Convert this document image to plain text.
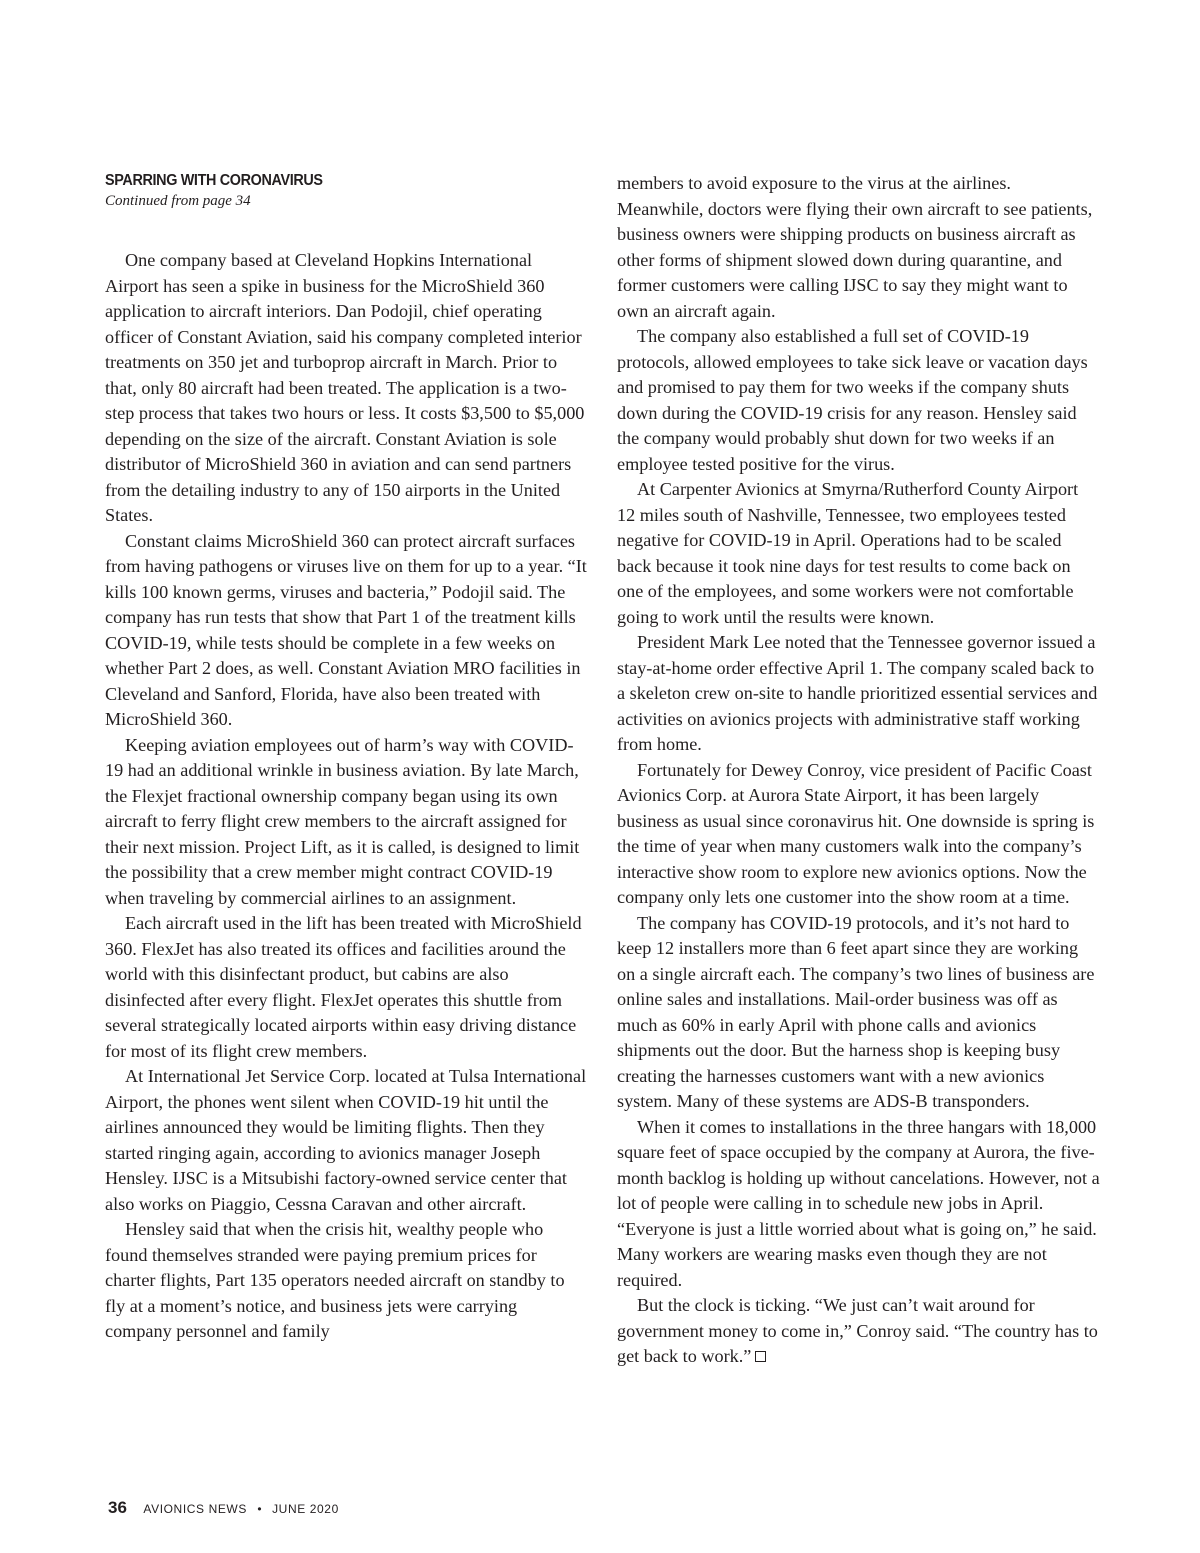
SPARRING WITH CORONAVIRUS
Continued from page 34

One company based at Cleveland Hopkins International Airport has seen a spike in business for the MicroShield 360 application to aircraft interiors. Dan Podojil, chief operating officer of Constant Aviation, said his company completed interior treatments on 350 jet and turboprop aircraft in March. Prior to that, only 80 aircraft had been treated. The application is a two-step process that takes two hours or less. It costs $3,500 to $5,000 depending on the size of the aircraft. Constant Aviation is sole distributor of MicroShield 360 in aviation and can send partners from the detailing industry to any of 150 airports in the United States.

Constant claims MicroShield 360 can protect aircraft surfaces from having pathogens or viruses live on them for up to a year. “It kills 100 known germs, viruses and bacteria,” Podojil said. The company has run tests that show that Part 1 of the treatment kills COVID-19, while tests should be complete in a few weeks on whether Part 2 does, as well. Constant Aviation MRO facilities in Cleveland and Sanford, Florida, have also been treated with MicroShield 360.

Keeping aviation employees out of harm’s way with COVID-19 had an additional wrinkle in business aviation. By late March, the Flexjet fractional ownership company began using its own aircraft to ferry flight crew members to the aircraft assigned for their next mission. Project Lift, as it is called, is designed to limit the possibility that a crew member might contract COVID-19 when traveling by commercial airlines to an assignment.

Each aircraft used in the lift has been treated with MicroShield 360. FlexJet has also treated its offices and facilities around the world with this disinfectant product, but cabins are also disinfected after every flight. FlexJet operates this shuttle from several strategically located airports within easy driving distance for most of its flight crew members.

At International Jet Service Corp. located at Tulsa International Airport, the phones went silent when COVID-19 hit until the airlines announced they would be limiting flights. Then they started ringing again, according to avionics manager Joseph Hensley. IJSC is a Mitsubishi factory-owned service center that also works on Piaggio, Cessna Caravan and other aircraft.

Hensley said that when the crisis hit, wealthy people who found themselves stranded were paying premium prices for charter flights, Part 135 operators needed aircraft on standby to fly at a moment’s notice, and business jets were carrying company personnel and family

members to avoid exposure to the virus at the airlines. Meanwhile, doctors were flying their own aircraft to see patients, business owners were shipping products on business aircraft as other forms of shipment slowed down during quarantine, and former customers were calling IJSC to say they might want to own an aircraft again.

The company also established a full set of COVID-19 protocols, allowed employees to take sick leave or vacation days and promised to pay them for two weeks if the company shuts down during the COVID-19 crisis for any reason. Hensley said the company would probably shut down for two weeks if an employee tested positive for the virus.

At Carpenter Avionics at Smyrna/Rutherford County Airport 12 miles south of Nashville, Tennessee, two employees tested negative for COVID-19 in April. Operations had to be scaled back because it took nine days for test results to come back on one of the employees, and some workers were not comfortable going to work until the results were known.

President Mark Lee noted that the Tennessee governor issued a stay-at-home order effective April 1. The company scaled back to a skeleton crew on-site to handle prioritized essential services and activities on avionics projects with administrative staff working from home.

Fortunately for Dewey Conroy, vice president of Pacific Coast Avionics Corp. at Aurora State Airport, it has been largely business as usual since coronavirus hit. One downside is spring is the time of year when many customers walk into the company’s interactive show room to explore new avionics options. Now the company only lets one customer into the show room at a time.

The company has COVID-19 protocols, and it’s not hard to keep 12 installers more than 6 feet apart since they are working on a single aircraft each. The company’s two lines of business are online sales and installations. Mail-order business was off as much as 60% in early April with phone calls and avionics shipments out the door. But the harness shop is keeping busy creating the harnesses customers want with a new avionics system. Many of these systems are ADS-B transponders.

When it comes to installations in the three hangars with 18,000 square feet of space occupied by the company at Aurora, the five-month backlog is holding up without cancelations. However, not a lot of people were calling in to schedule new jobs in April. “Everyone is just a little worried about what is going on,” he said. Many workers are wearing masks even though they are not required.

But the clock is ticking. “We just can’t wait around for government money to come in,” Conroy said. “The country has to get back to work.”

36 AVIONICS NEWS • JUNE 2020
